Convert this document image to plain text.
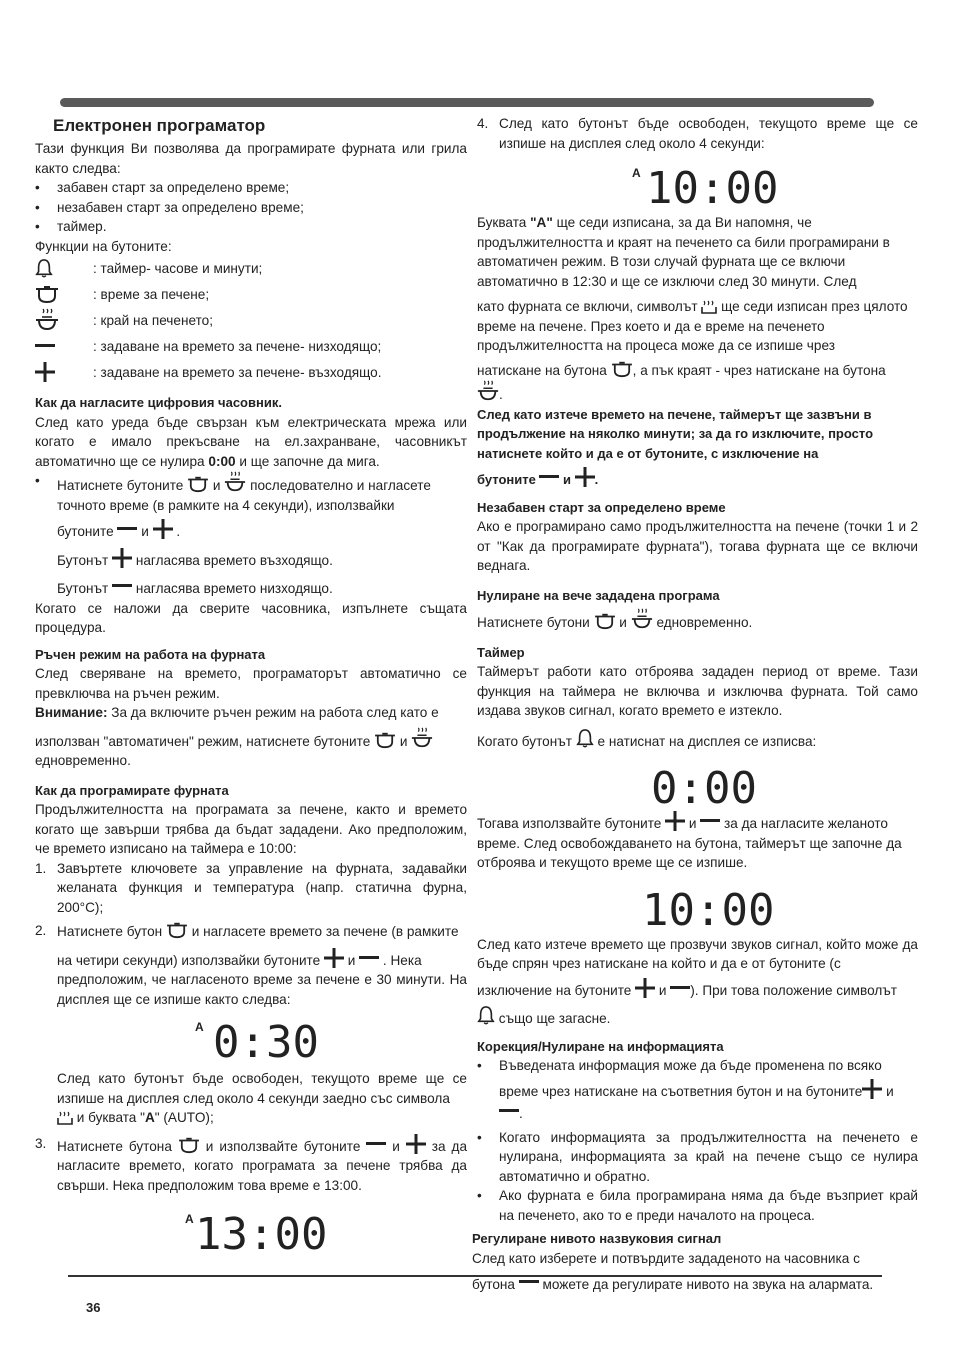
Електронен програматор

Тази функция Ви позволява да програмирате фурната или грила както следва:

•	забавен старт за определено време;
•	незабавен старт за определено време;
•	таймер.

Функции на бутоните:

: таймер- часове и минути;
: време за печене;
: край на печенето;
: задаване на времето за печене- низходящо;
: задаване на времето за печене- възходящо.

Как да нагласите цифровия часовник.

След като уреда бъде свързан към електрическата мрежа или когато е имало прекъсване на ел.захранване, часовникът автоматично ще се нулира 0:00 и ще започне да мига.

•	Натиснете бутоните  и  последователно и нагласете точното време (в рамките на 4 секунди), използвайки

бутоните  и  .

Бутонът  нагласява времето възходящо.

Бутонът  нагласява времето низходящо.

Когато се наложи да сверите часовника, изпълнете същата процедура.

Ръчен режим на работа на фурната

След сверяване на времето, програматорът автоматично се превключва на ръчен режим.

Внимание: За да включите ръчен режим на работа след като е

използван "автоматичен" режим, натиснете бутоните  и

едновременно.

Как да програмирате фурната

Продължителността на програмата за печене, както и времето когато ще завърши трябва да бъдат зададени. Ако предположим, че времето изписано на таймера е 10:00:

1. Завъртете ключовете за управление на фурната, задавайки желаната функция и температура (напр. статична фурна, 200°C);
2. Натиснете бутон  и нагласете времето за печене (в рамките

на четири секунди) използвайки бутоните  и  . Нека

предположим, че нагласеното време за печене е 30 минути. На дисплея ще се изпише както следва:

A 0:30

След като бутонът бъде освободен, текущото време ще се изпише на дисплея след около 4 секунди заедно със символа

и буквата "A" (AUTO);

3. Натиснете бутона  и използвайте бутоните  и  за да нагласите времето, когато програмата за печене трябва да свърши. Нека предположим това време е 13:00.
A 13:00
4. След като бутонът бъде освободен, текущото време ще се изпише на дисплея след около 4 секунди:
A 10:00

Буквата "A" ще седи изписана, за да Ви напомня, че продължителността и краят на печенето са били програмирани в автоматичен режим. В този случай фурната ще се включи автоматично в 12:30 и ще се изключи след 30 минути. След

като фурната се включи, символът  ще седи изписан през цялото време на печене. През което и да е време на печенето продължителността на процеса може да се изпише чрез

натискане на бутона , а пък краят - чрез натискане на бутона

.

След като изтече времето на печене, таймерът ще зазвъни в продължение на няколко минути; за да го изключите, просто натиснете който и да е от бутоните, с изключение на

бутоните  и .

Незабавен старт за определено време

Ако е програмирано само продължителността на печене (точки 1 и 2 от "Как да програмирате фурната"), тогава фурната ще се включи веднага.

Нулиране на вече зададена програма

Натиснете бутони  и  едновременно.

Таймер

Таймерът работи като отброява зададен период от време. Тази функция на таймера не включва и изключва фурната. Той само издава звуков сигнал, когато времето е изтекло.

Когато бутонът  е натиснат на дисплея се изписва:

0:00

Тогава използвайте бутоните  и  за да нагласите желаното време. След освобождаването на бутона, таймерът ще започне да отброява и текущото време ще се изпише.

10:00

След като изтече времето ще прозвучи звуков сигнал, който може да бъде спрян чрез натискане на който и да е от бутоните (с

изключение на бутоните  и ). При това положение символът

също ще загасне.

Корекция/Нулиране на информацията

•	Въведената информация може да бъде променена по всяко
време чрез натискане на съответния бутон и на бутоните и
.
•	Когато информацията за продължителността на печенето е нулирана, информацията за край на печене също се нулира автоматично и обратно.
•	Ако фурната е била програмирана няма да бъде възприет край на печенето, ако то е преди началото на процеса.

Регулиране нивото назвуковия сигнал

След като изберете и потвърдите зададеното на часовника с

бутона  можете да регулирате нивото на звука на алармата.

36
